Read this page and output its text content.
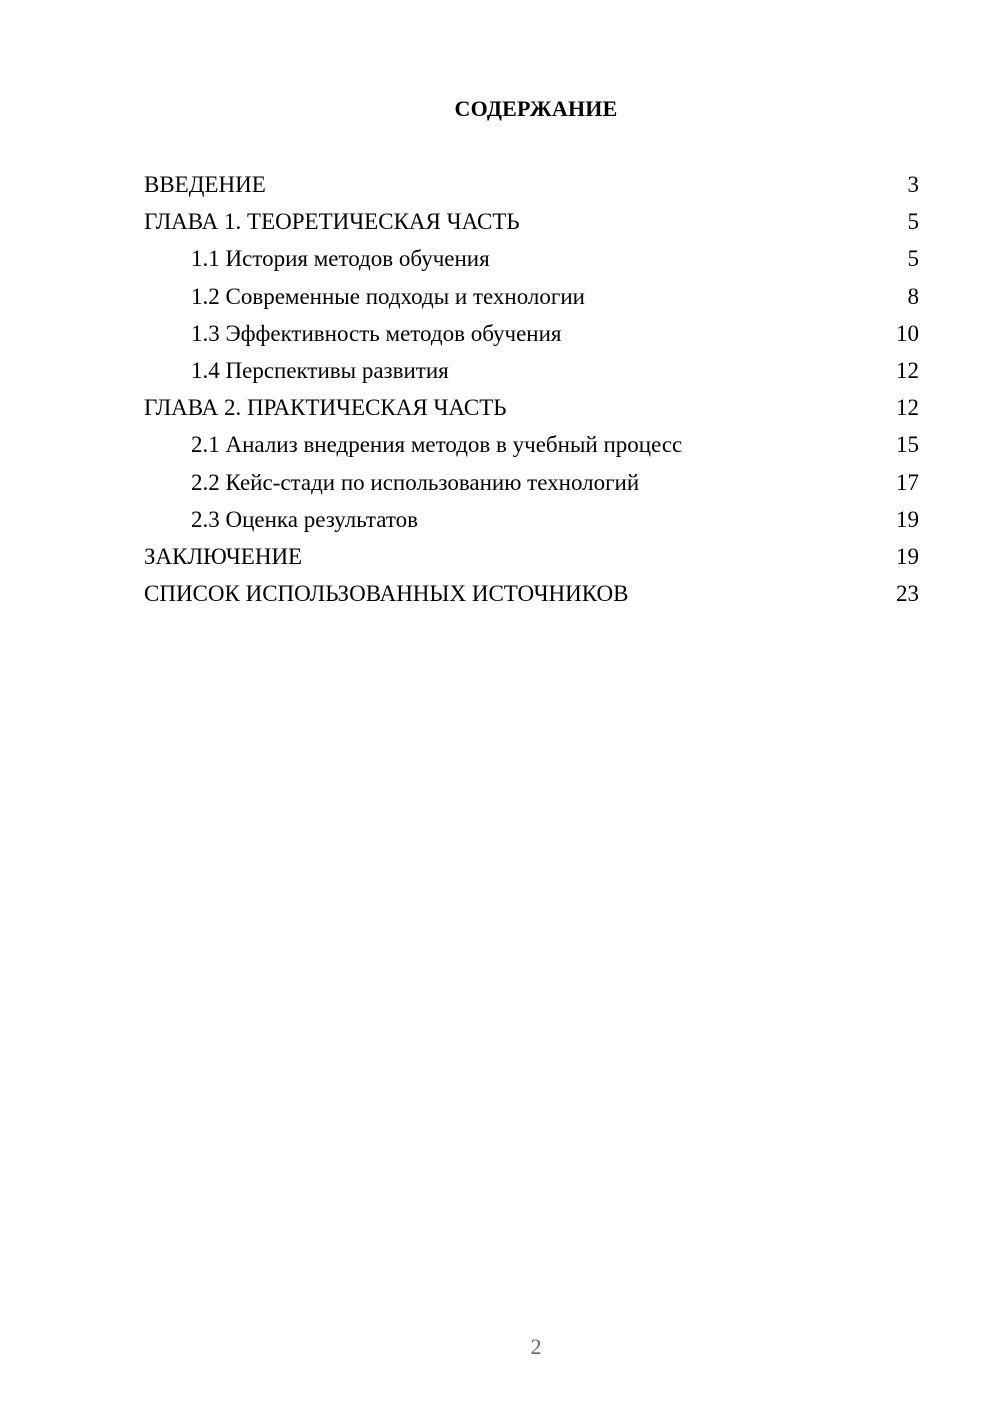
СОДЕРЖАНИЕ
ВВЕДЕНИЕ	3
ГЛАВА 1. ТЕОРЕТИЧЕСКАЯ ЧАСТЬ	5
1.1 История методов обучения	5
1.2 Современные подходы и технологии	8
1.3 Эффективность методов обучения	10
1.4 Перспективы развития	12
ГЛАВА 2. ПРАКТИЧЕСКАЯ ЧАСТЬ	12
2.1 Анализ внедрения методов в учебный процесс	15
2.2 Кейс-стади по использованию технологий	17
2.3 Оценка результатов	19
ЗАКЛЮЧЕНИЕ	19
СПИСОК ИСПОЛЬЗОВАННЫХ ИСТОЧНИКОВ	23
2
